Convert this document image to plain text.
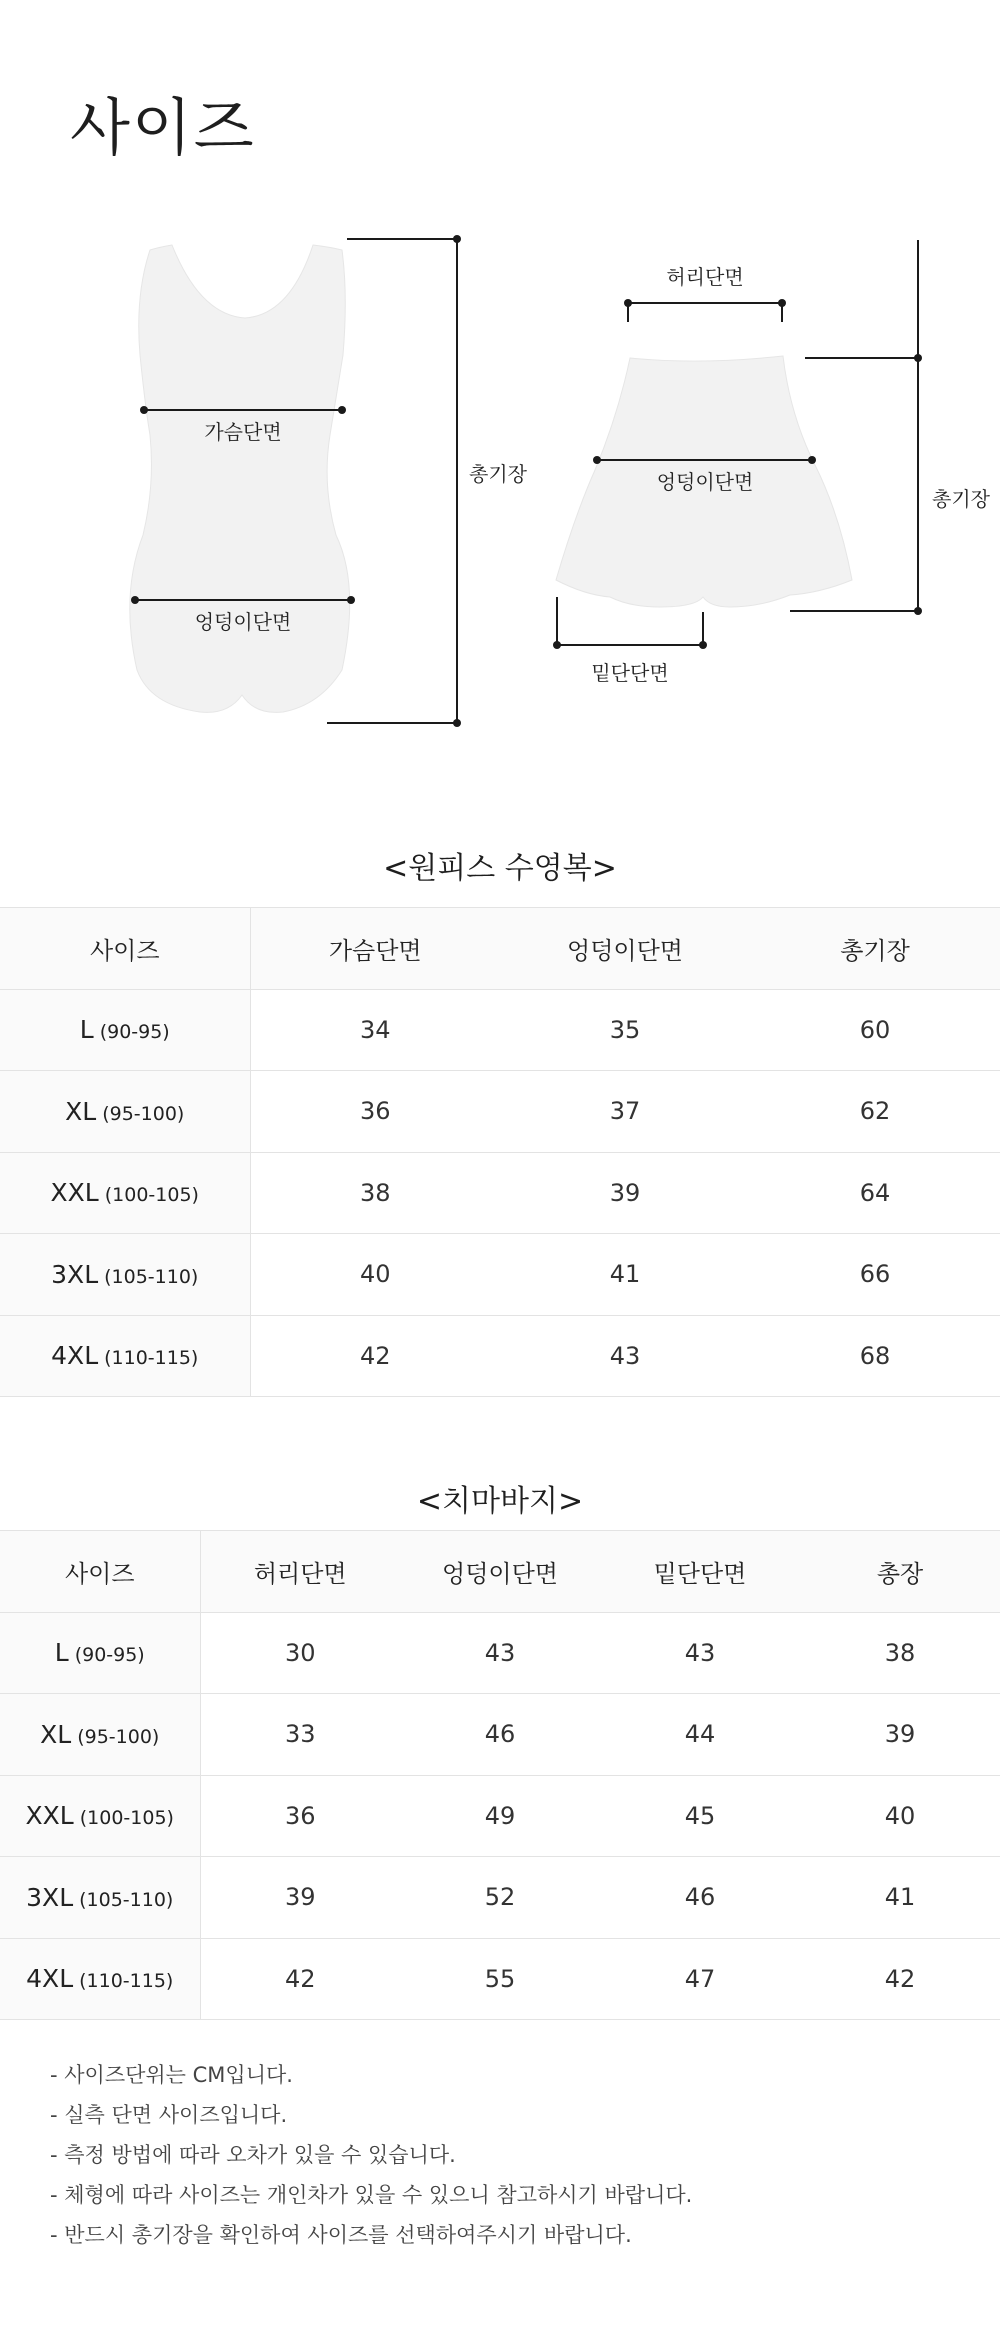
사이즈
가슴단면
엉덩이단면
총기장
허리단면
엉덩이단면
밑단단면
총기장
<원피스 수영복>
사이즈	가슴단면	엉덩이단면	총기장
L (90-95)	34	35	60
XL (95-100)	36	37	62
XXL (100-105)	38	39	64
3XL (105-110)	40	41	66
4XL (110-115)	42	43	68
<치마바지>
사이즈	허리단면	엉덩이단면	밑단단면	총장
L (90-95)	30	43	43	38
XL (95-100)	33	46	44	39
XXL (100-105)	36	49	45	40
3XL (105-110)	39	52	46	41
4XL (110-115)	42	55	47	42
- 사이즈단위는 CM입니다.
- 실측 단면 사이즈입니다.
- 측정 방법에 따라 오차가 있을 수 있습니다.
- 체형에 따라 사이즈는 개인차가 있을 수 있으니 참고하시기 바랍니다.
- 반드시 총기장을 확인하여 사이즈를 선택하여주시기 바랍니다.
